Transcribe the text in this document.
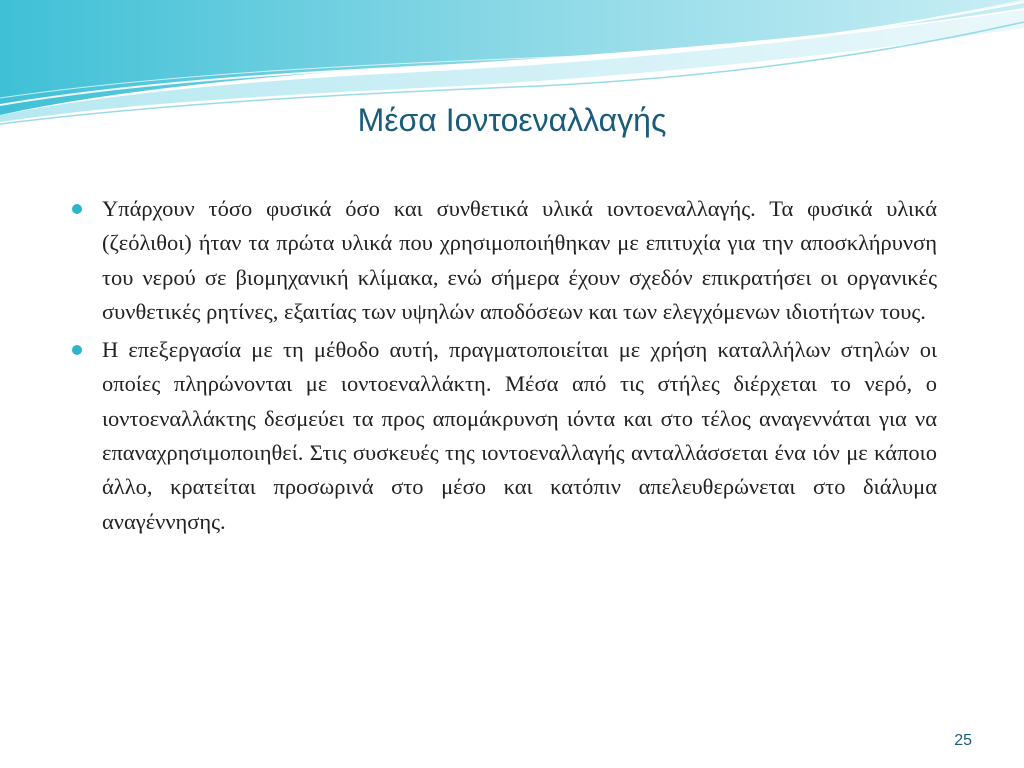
Μέσα Ιοντοεναλλαγής
Υπάρχουν τόσο φυσικά όσο και συνθετικά υλικά ιοντοεναλλαγής. Τα φυσικά υλικά (ζεόλιθοι) ήταν τα πρώτα υλικά που χρησιμοποιήθηκαν με επιτυχία για την αποσκλήρυνση του νερού σε βιομηχανική κλίμακα, ενώ σήμερα έχουν σχεδόν επικρατήσει οι οργανικές συνθετικές ρητίνες, εξαιτίας των υψηλών αποδόσεων και των ελεγχόμενων ιδιοτήτων τους.
Η επεξεργασία με τη μέθοδο αυτή, πραγματοποιείται με χρήση καταλλήλων στηλών οι οποίες πληρώνονται με ιοντοεναλλάκτη. Μέσα από τις στήλες διέρχεται το νερό, ο ιοντοεναλλάκτης δεσμεύει τα προς απομάκρυνση ιόντα και στο τέλος αναγεννάται για να επαναχρησιμοποιηθεί. Στις συσκευές της ιοντοεναλλαγής ανταλλάσσεται ένα ιόν με κάποιο άλλο, κρατείται προσωρινά στο μέσο και κατόπιν απελευθερώνεται στο διάλυμα αναγέννησης.
25
